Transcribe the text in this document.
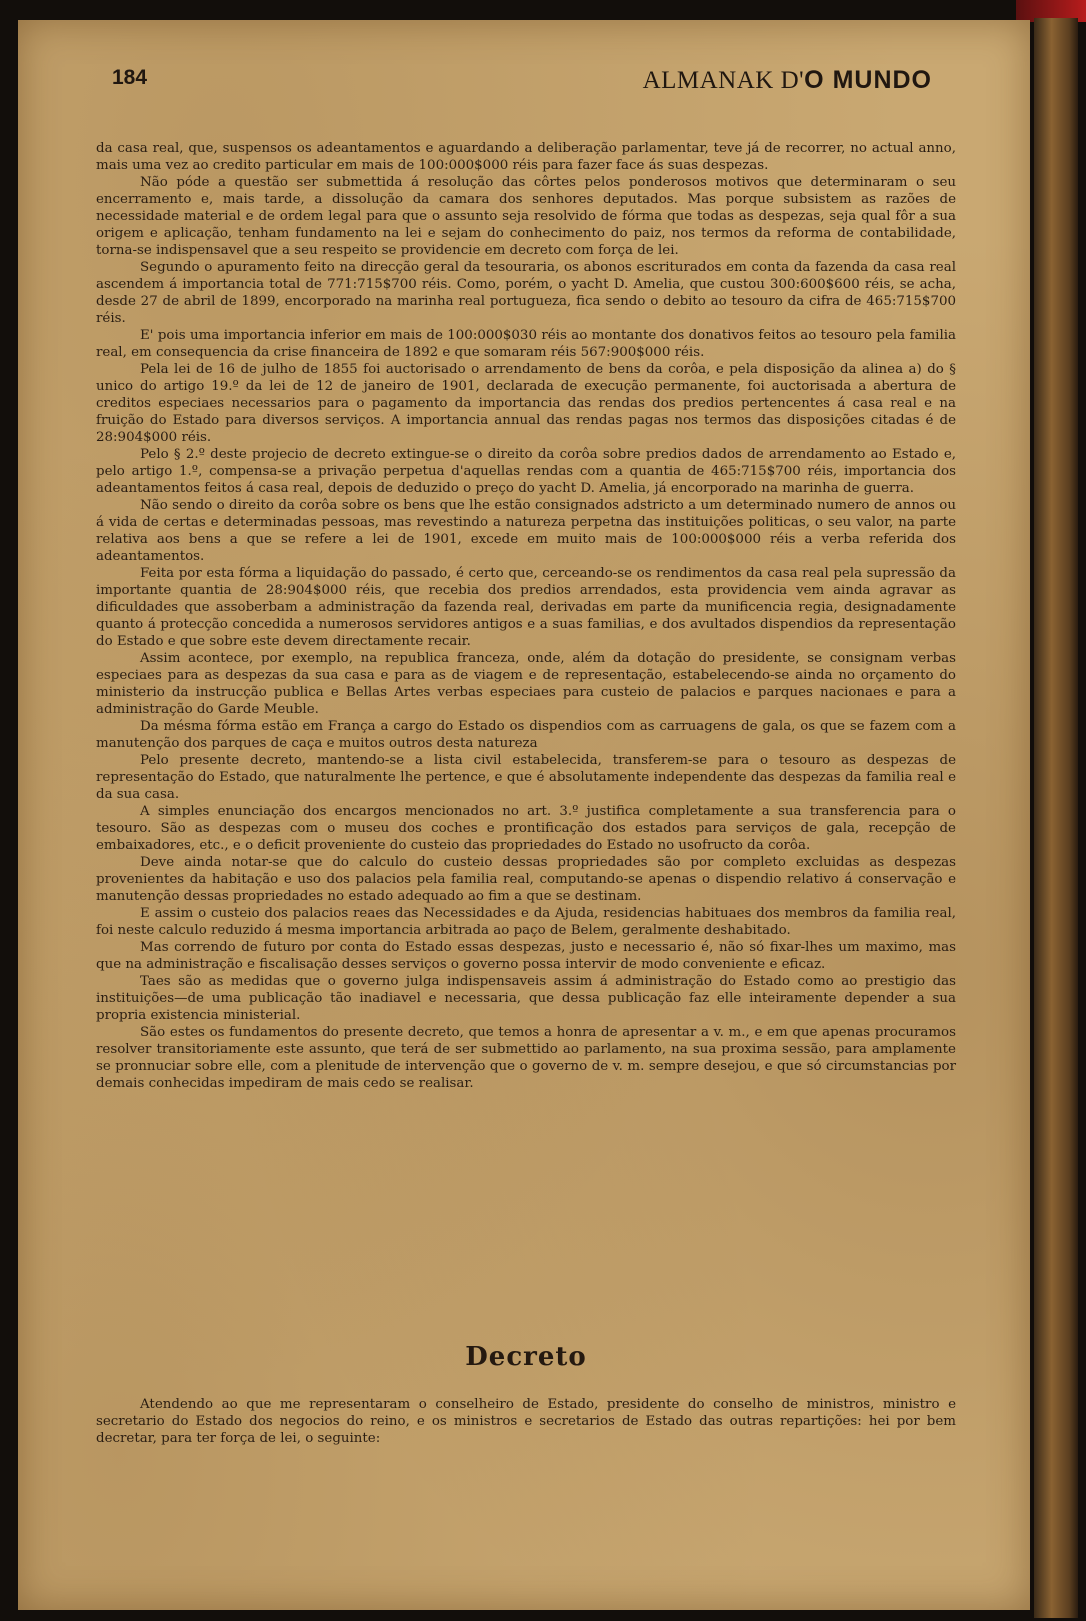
184	ALMANAK D'O MUNDO

da casa real, que, suspensos os adeantamentos e aguardando a deliberação parlamentar, teve já de recorrer, no actual anno, mais uma vez ao credito particular em mais de 100:000$000 réis para fazer face ás suas despezas.

Não póde a questão ser submettida á resolução das côrtes pelos ponderosos motivos que determinaram o seu encerramento e, mais tarde, a dissolução da camara dos senhores deputados. Mas porque subsistem as razões de necessidade material e de ordem legal para que o assunto seja resolvido de fórma que todas as despezas, seja qual fôr a sua origem e aplicação, tenham fundamento na lei e sejam do conhecimento do paiz, nos termos da reforma de contabilidade, torna-se indispensavel que a seu respeito se providencie em decreto com força de lei.

Segundo o apuramento feito na direcção geral da tesouraria, os abonos escriturados em conta da fazenda da casa real ascendem á importancia total de 771:715$700 réis. Como, porém, o yacht D. Amelia, que custou 300:600$600 réis, se acha, desde 27 de abril de 1899, encorporado na marinha real portugueza, fica sendo o debito ao tesouro da cifra de 465:715$700 réis.

E' pois uma importancia inferior em mais de 100:000$030 réis ao montante dos donativos feitos ao tesouro pela familia real, em consequencia da crise financeira de 1892 e que somaram réis 567:900$000 réis.

Pela lei de 16 de julho de 1855 foi auctorisado o arrendamento de bens da corôa, e pela disposição da alinea a) do § unico do artigo 19.º da lei de 12 de janeiro de 1901, declarada de execução permanente, foi auctorisada a abertura de creditos especiaes necessarios para o pagamento da importancia das rendas dos predios pertencentes á casa real e na fruição do Estado para diversos serviços. A importancia annual das rendas pagas nos termos das disposições citadas é de 28:904$000 réis.

Pelo § 2.º deste projecio de decreto extingue-se o direito da corôa sobre predios dados de arrendamento ao Estado e, pelo artigo 1.º, compensa-se a privação perpetua d'aquellas rendas com a quantia de 465:715$700 réis, importancia dos adeantamentos feitos á casa real, depois de deduzido o preço do yacht D. Amelia, já encorporado na marinha de guerra.

Não sendo o direito da corôa sobre os bens que lhe estão consignados adstricto a um determinado numero de annos ou á vida de certas e determinadas pessoas, mas revestindo a natureza perpetna das instituições politicas, o seu valor, na parte relativa aos bens a que se refere a lei de 1901, excede em muito mais de 100:000$000 réis a verba referida dos adeantamentos.

Feita por esta fórma a liquidação do passado, é certo que, cerceando-se os rendimentos da casa real pela supressão da importante quantia de 28:904$000 réis, que recebia dos predios arrendados, esta providencia vem ainda agravar as dificuldades que assoberbam a administração da fazenda real, derivadas em parte da munificencia regia, designadamente quanto á protecção concedida a numerosos servidores antigos e a suas familias, e dos avultados dispendios da representação do Estado e que sobre este devem directamente recair.

Assim acontece, por exemplo, na republica franceza, onde, além da dotação do presidente, se consignam verbas especiaes para as despezas da sua casa e para as de viagem e de representação, estabelecendo-se ainda no orçamento do ministerio da instrucção publica e Bellas Artes verbas especiaes para custeio de palacios e parques nacionaes e para a administração do Garde Meuble.

Da mésma fórma estão em França a cargo do Estado os dispendios com as carruagens de gala, os que se fazem com a manutenção dos parques de caça e muitos outros desta natureza

Pelo presente decreto, mantendo-se a lista civil estabelecida, transferem-se para o tesouro as despezas de representação do Estado, que naturalmente lhe pertence, e que é absolutamente independente das despezas da familia real e da sua casa.

A simples enunciação dos encargos mencionados no art. 3.º justifica completamente a sua transferencia para o tesouro. São as despezas com o museu dos coches e prontificação dos estados para serviços de gala, recepção de embaixadores, etc., e o deficit proveniente do custeio das propriedades do Estado no usofructo da corôa.

Deve ainda notar-se que do calculo do custeio dessas propriedades são por completo excluidas as despezas provenientes da habitação e uso dos palacios pela familia real, computando-se apenas o dispendio relativo á conservação e manutenção dessas propriedades no estado adequado ao fim a que se destinam.

E assim o custeio dos palacios reaes das Necessidades e da Ajuda, residencias habituaes dos membros da familia real, foi neste calculo reduzido á mesma importancia arbitrada ao paço de Belem, geralmente deshabitado.

Mas correndo de futuro por conta do Estado essas despezas, justo e necessario é, não só fixar-lhes um maximo, mas que na administração e fiscalisação desses serviços o governo possa intervir de modo conveniente e eficaz.

Taes são as medidas que o governo julga indispensaveis assim á administração do Estado como ao prestigio das instituições—de uma publicação tão inadiavel e necessaria, que dessa publicação faz elle inteiramente depender a sua propria existencia ministerial.

São estes os fundamentos do presente decreto, que temos a honra de apresentar a v. m., e em que apenas procuramos resolver transitoriamente este assunto, que terá de ser submettido ao parlamento, na sua proxima sessão, para amplamente se pronnuciar sobre elle, com a plenitude de intervenção que o governo de v. m. sempre desejou, e que só circumstancias por demais conhecidas impediram de mais cedo se realisar.

Decreto

Atendendo ao que me representaram o conselheiro de Estado, presidente do conselho de ministros, ministro e secretario do Estado dos negocios do reino, e os ministros e secretarios de Estado das outras repartições: hei por bem decretar, para ter força de lei, o seguinte:
